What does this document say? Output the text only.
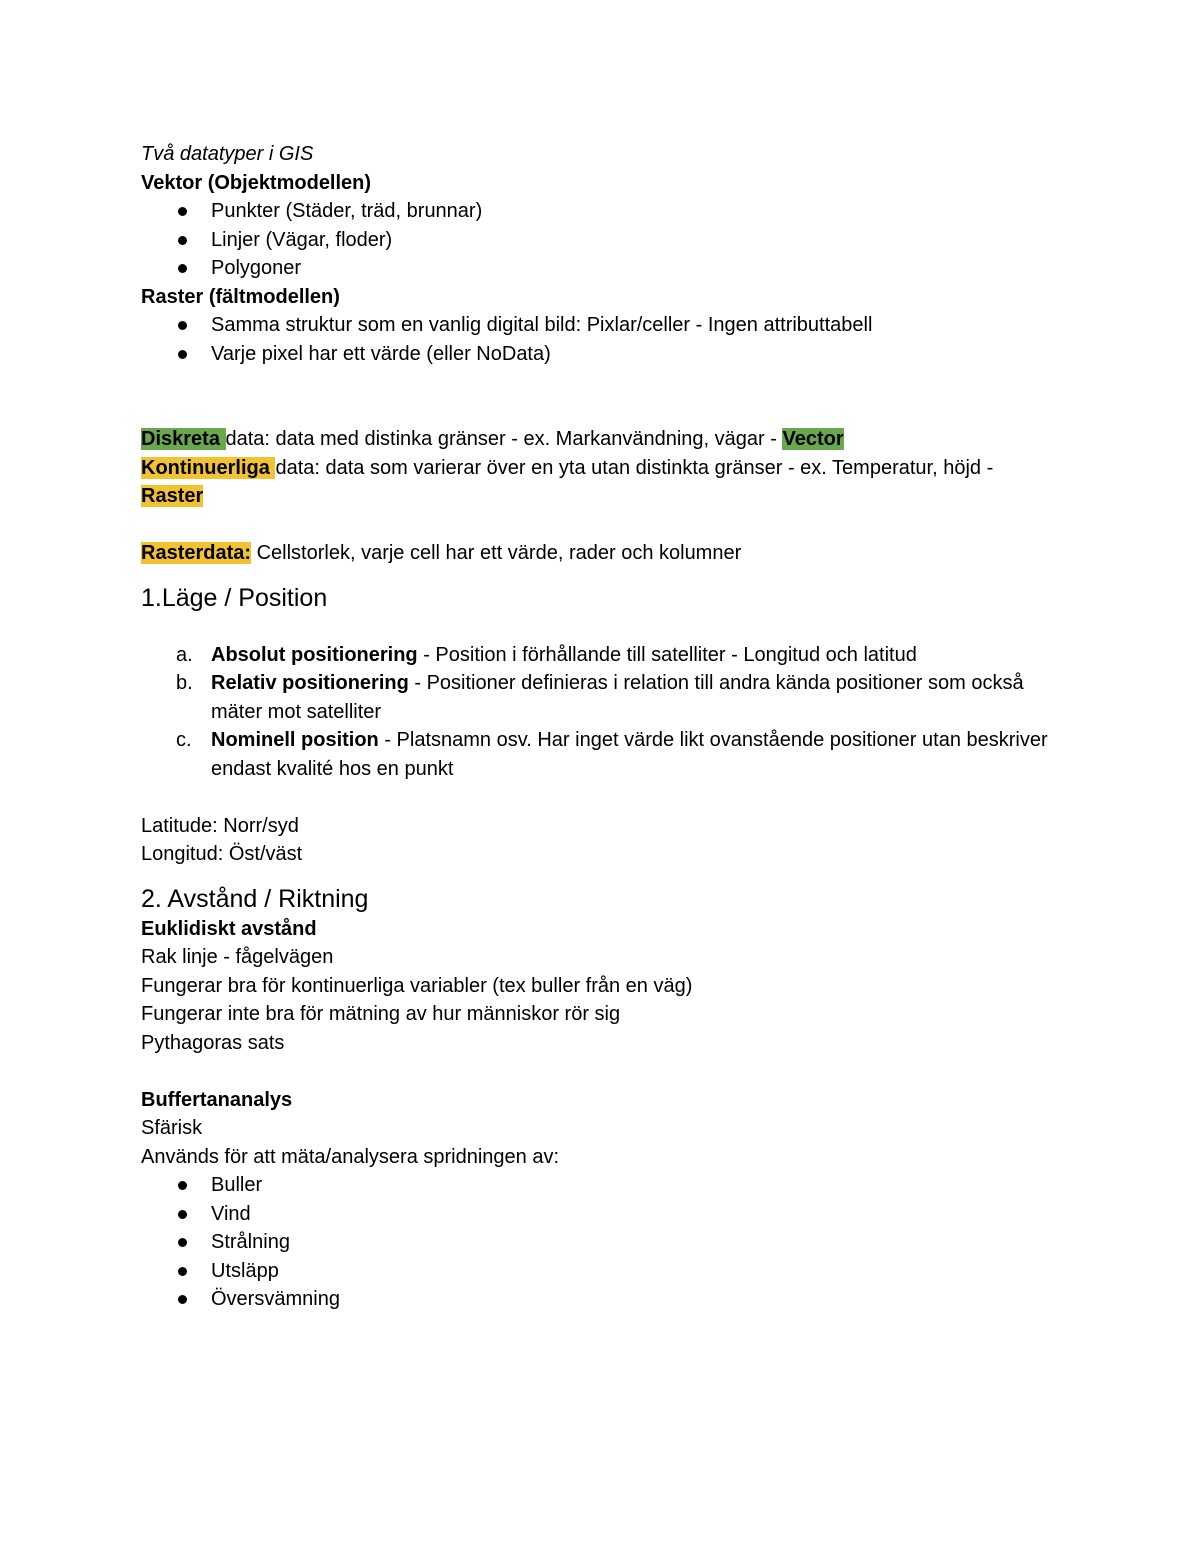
Två datatyper i GIS

Vektor (Objektmodellen)

Punkter (Städer, träd, brunnar)
Linjer (Vägar, floder)
Polygoner

Raster (fältmodellen)

Samma struktur som en vanlig digital bild: Pixlar/celler - Ingen attributtabell
Varje pixel har ett värde (eller NoData)

Diskreta data: data med distinka gränser - ex. Markanvändning, vägar - Vector

Kontinuerliga data: data som varierar över en yta utan distinkta gränser - ex. Temperatur, höjd - Raster

Rasterdata: Cellstorlek, varje cell har ett värde, rader och kolumner

1.Läge / Position

a. Absolut positionering - Position i förhållande till satelliter - Longitud och latitud
b. Relativ positionering - Positioner definieras i relation till andra kända positioner som också mäter mot satelliter
c. Nominell position - Platsnamn osv. Har inget värde likt ovanstående positioner utan beskriver endast kvalité hos en punkt

Latitude: Norr/syd

Longitud: Öst/väst

2. Avstånd / Riktning

Euklidiskt avstånd

Rak linje - fågelvägen

Fungerar bra för kontinuerliga variabler (tex buller från en väg)

Fungerar inte bra för mätning av hur människor rör sig

Pythagoras sats

Buffertananalys

Sfärisk

Används för att mäta/analysera spridningen av:

Buller
Vind
Strålning
Utsläpp
Översvämning
